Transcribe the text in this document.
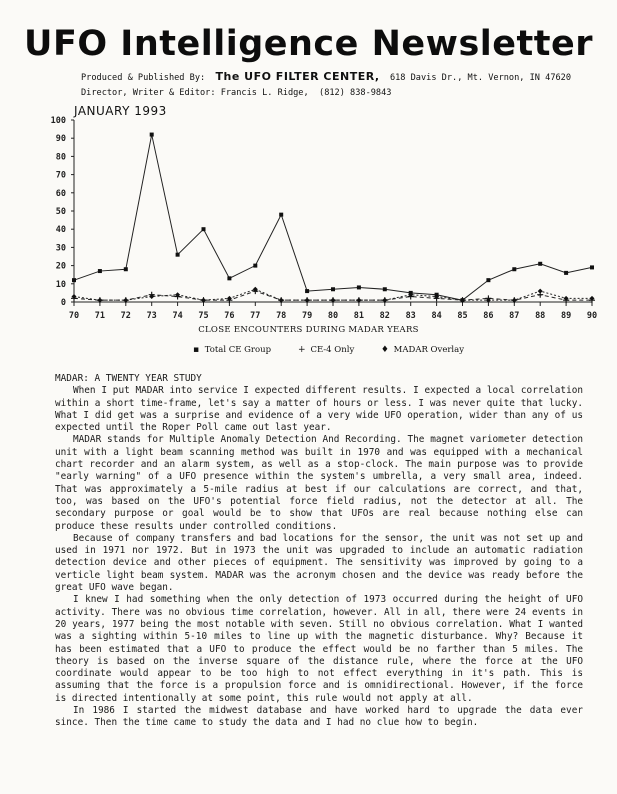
UFO Intelligence Newsletter
Produced & Published By: The UFO FILTER CENTER, 618 Davis Dr., Mt. Vernon, IN 47620
Director, Writer & Editor: Francis L. Ridge, (812) 838-9843
JANUARY 1993
0
10
20
30
40
50
60
70
80
90
100
70 71 72 73 74 75 76 77 78 79 80 81 82 83 84 85 86 87 88 89 90
CLOSE ENCOUNTERS DURING MADAR YEARS
▪ Total CE Group	+ CE-4 Only	♦ MADAR Overlay
MADAR: A TWENTY YEAR STUDY

When I put MADAR into service I expected different results. I expected a local correlation within a short time-frame, let's say a matter of hours or less. I was never quite that lucky. What I did get was a surprise and evidence of a very wide UFO operation, wider than any of us expected until the Roper Poll came out last year.

MADAR stands for Multiple Anomaly Detection And Recording. The magnet variometer detection unit with a light beam scanning method was built in 1970 and was equipped with a mechanical chart recorder and an alarm system, as well as a stop-clock. The main purpose was to provide "early warning" of a UFO presence within the system's umbrella, a very small area, indeed. That was approximately a 5-mile radius at best if our calculations are correct, and that, too, was based on the UFO's potential force field radius, not the detector at all. The secondary purpose or goal would be to show that UFOs are real because nothing else can produce these results under controlled conditions.

Because of company transfers and bad locations for the sensor, the unit was not set up and used in 1971 nor 1972. But in 1973 the unit was upgraded to include an automatic radiation detection device and other pieces of equipment. The sensitivity was improved by going to a verticle light beam system. MADAR was the acronym chosen and the device was ready before the great UFO wave began.

I knew I had something when the only detection of 1973 occurred during the height of UFO activity. There was no obvious time correlation, however. All in all, there were 24 events in 20 years, 1977 being the most notable with seven. Still no obvious correlation. What I wanted was a sighting within 5-10 miles to line up with the magnetic disturbance. Why? Because it has been estimated that a UFO to produce the effect would be no farther than 5 miles. The theory is based on the inverse square of the distance rule, where the force at the UFO coordinate would appear to be too high to not effect everything in it's path. This is assuming that the force is a propulsion force and is omnidirectional. However, if the force is directed intentionally at some point, this rule would not apply at all.

In 1986 I started the midwest database and have worked hard to upgrade the data ever since. Then the time came to study the data and I had no clue how to begin.
